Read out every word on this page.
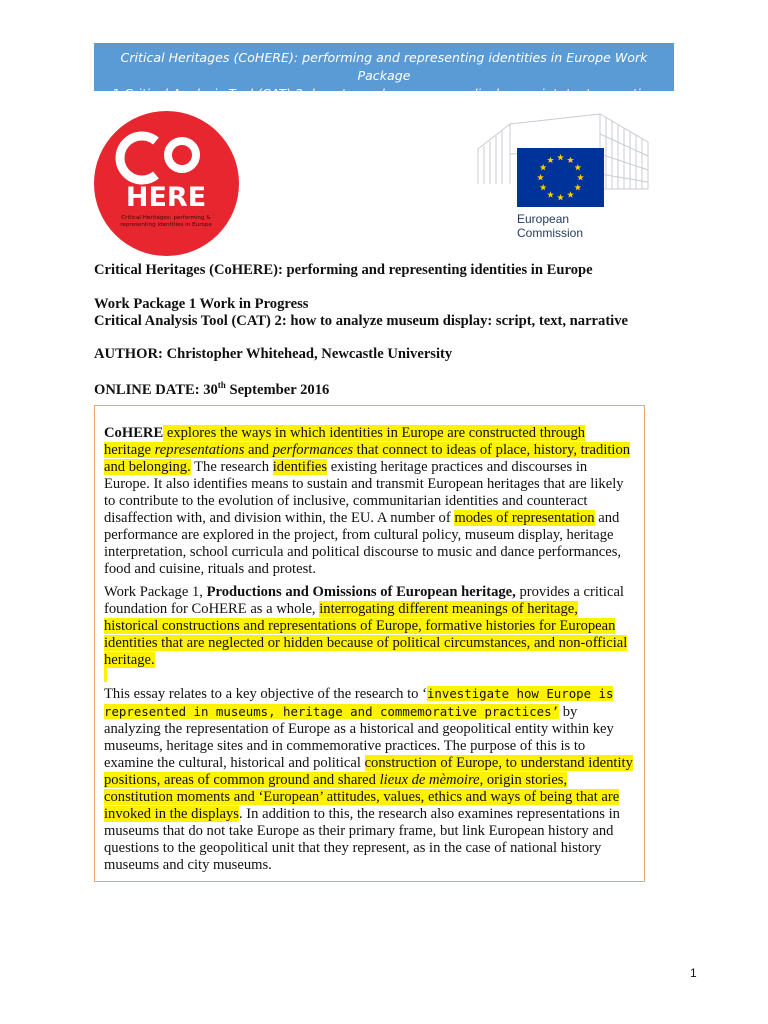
Critical Heritages (CoHERE): performing and representing identities in Europe Work Package
1 Critical Analysis Tool (CAT) 2: how to analyze museum display: script, text, narrative
HERE
Critical Heritages: performing &
representing identities in Europe	European
Commission
Critical Heritages (CoHERE): performing and representing identities in Europe
Work Package 1 Work in Progress
Critical Analysis Tool (CAT) 2: how to analyze museum display: script, text, narrative
AUTHOR: Christopher Whitehead, Newcastle University
ONLINE DATE: 30th September 2016

CoHERE explores the ways in which identities in Europe are constructed through heritage representations and performances that connect to ideas of place, history, tradition and belonging. The research identifies existing heritage practices and discourses in Europe. It also identifies means to sustain and transmit European heritages that are likely to contribute to the evolution of inclusive, communitarian identities and counteract disaffection with, and division within, the EU. A number of modes of representation and performance are explored in the project, from cultural policy, museum display, heritage interpretation, school curricula and political discourse to music and dance performances, food and cuisine, rituals and protest.

Work Package 1, Productions and Omissions of European heritage, provides a critical foundation for CoHERE as a whole, interrogating different meanings of heritage, historical constructions and representations of Europe, formative histories for European identities that are neglected or hidden because of political circumstances, and non-official heritage.

This essay relates to a key objective of the research to ‘investigate how Europe is represented in museums, heritage and commemorative practices’ by analyzing the representation of Europe as a historical and geopolitical entity within key museums, heritage sites and in commemorative practices. The purpose of this is to examine the cultural, historical and political construction of Europe, to understand identity positions, areas of common ground and shared lieux de mèmoire, origin stories, constitution moments and ‘European’ attitudes, values, ethics and ways of being that are invoked in the displays. In addition to this, the research also examines representations in museums that do not take Europe as their primary frame, but link European history and questions to the geopolitical unit that they represent, as in the case of national history museums and city museums.

1
